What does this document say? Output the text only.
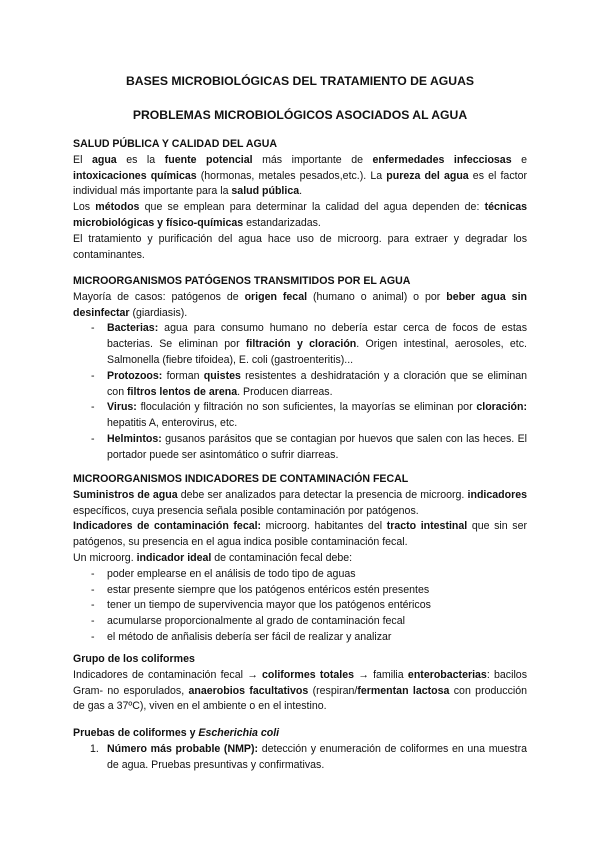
BASES MICROBIOLÓGICAS DEL TRATAMIENTO DE AGUAS
PROBLEMAS MICROBIOLÓGICOS ASOCIADOS AL AGUA
SALUD PÚBLICA Y CALIDAD DEL AGUA

El agua es la fuente potencial más importante de enfermedades infecciosas e intoxicaciones químicas (hormonas, metales pesados,etc.). La pureza del agua es el factor individual más importante para la salud pública.

Los métodos que se emplean para determinar la calidad del agua dependen de: técnicas microbiológicas y físico-químicas estandarizadas.

El tratamiento y purificación del agua hace uso de microorg. para extraer y degradar los contaminantes.

MICROORGANISMOS PATÓGENOS TRANSMITIDOS POR EL AGUA

Mayoría de casos: patógenos de origen fecal (humano o animal) o por beber agua sin desinfectar (giardiasis).

- Bacterias: agua para consumo humano no debería estar cerca de focos de estas bacterias. Se eliminan por filtración y cloración. Origen intestinal, aerosoles, etc. Salmonella (fiebre tifoidea), E. coli (gastroenteritis)...
- Protozoos: forman quistes resistentes a deshidratación y a cloración que se eliminan con filtros lentos de arena. Producen diarreas.
- Virus: floculación y filtración no son suficientes, la mayorías se eliminan por cloración: hepatitis A, enterovirus, etc.
- Helmintos: gusanos parásitos que se contagian por huevos que salen con las heces. El portador puede ser asintomático o sufrir diarreas.
MICROORGANISMOS INDICADORES DE CONTAMINACIÓN FECAL

Suministros de agua debe ser analizados para detectar la presencia de microorg. indicadores específicos, cuya presencia señala posible contaminación por patógenos.

Indicadores de contaminación fecal: microorg. habitantes del tracto intestinal que sin ser patógenos, su presencia en el agua indica posible contaminación fecal.

Un microorg. indicador ideal de contaminación fecal debe:

- poder emplearse en el análisis de todo tipo de aguas
- estar presente siempre que los patógenos entéricos estén presentes
- tener un tiempo de supervivencia mayor que los patógenos entéricos
- acumularse proporcionalmente al grado de contaminación fecal
- el método de anñalisis debería ser fácil de realizar y analizar
Grupo de los coliformes

Indicadores de contaminación fecal → coliformes totales → familia enterobacterias: bacilos Gram- no esporulados, anaerobios facultativos (respiran/fermentan lactosa con producción de gas a 37ºC), viven en el ambiente o en el intestino.

Pruebas de coliformes y Escherichia coli
1. Número más probable (NMP): detección y enumeración de coliformes en una muestra de agua. Pruebas presuntivas y confirmativas.
